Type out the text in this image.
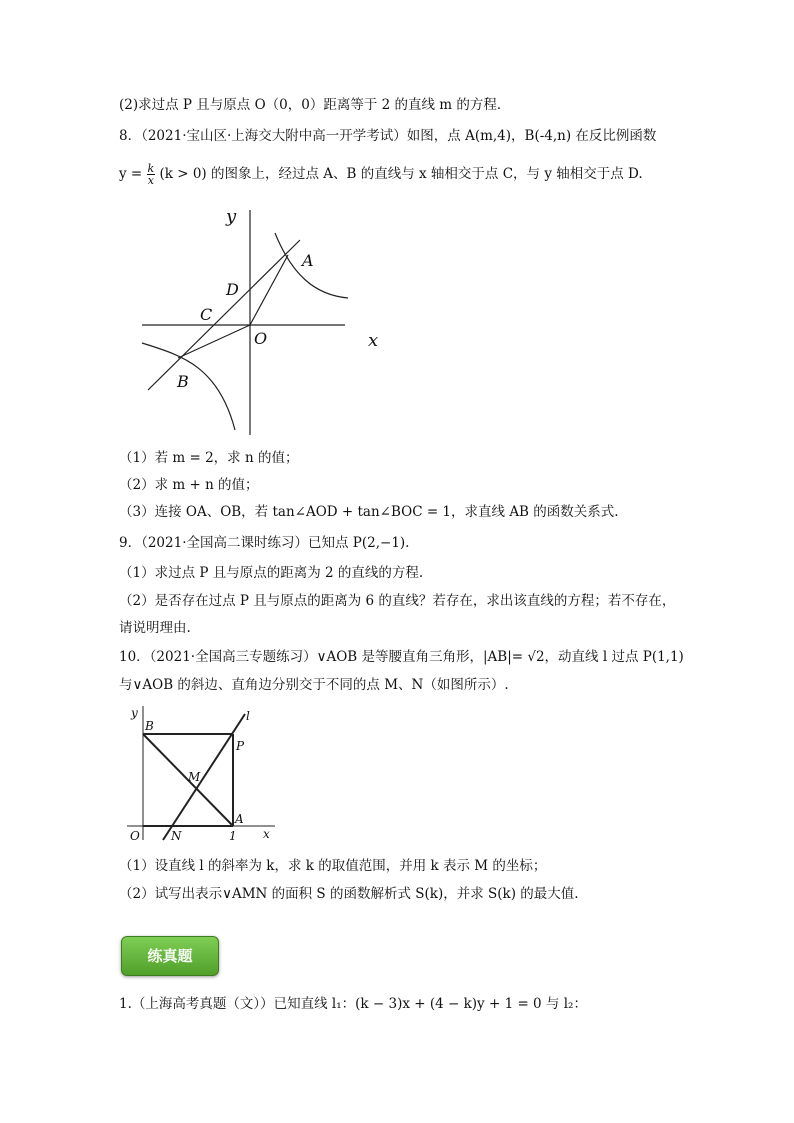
(2)求过点 P 且与原点 O（0，0）距离等于 2 的直线 m 的方程．
8．（2021·宝山区·上海交大附中高一开学考试）如图，点 A(m,4)，B(-4,n) 在反比例函数
$y = \frac{k}{x} (k > 0)$ 的图象上，经过点 A、B 的直线与 x 轴相交于点 C，与 y 轴相交于点 D.
y
x
O
A
B
C
D
（1）若 m = 2，求 n 的值；
（2）求 m + n 的值；
（3）连接 OA、OB，若 tan∠AOD + tan∠BOC = 1，求直线 AB 的函数关系式.
9．（2021·全国高二课时练习）已知点 P(2,−1).
（1）求过点 P 且与原点的距离为 2 的直线的方程.
（2）是否存在过点 P 且与原点的距离为 6 的直线？若存在，求出该直线的方程；若不存在，
请说明理由.
10．（2021·全国高三专题练习）∨AOB 是等腰直角三角形，|AB|= √2，动直线 l 过点 P(1,1)
与∨AOB 的斜边、直角边分别交于不同的点 M、N（如图所示）.
y
x
O
B
P
M
A
N
l
1
（1）设直线 l 的斜率为 k，求 k 的取值范围，并用 k 表示 M 的坐标；
（2）试写出表示∨AMN 的面积 S 的函数解析式 S(k)，并求 S(k) 的最大值.
练真题
1.（上海高考真题（文））已知直线 l₁：(k − 3)x + (4 − k)y + 1 = 0 与 l₂：
